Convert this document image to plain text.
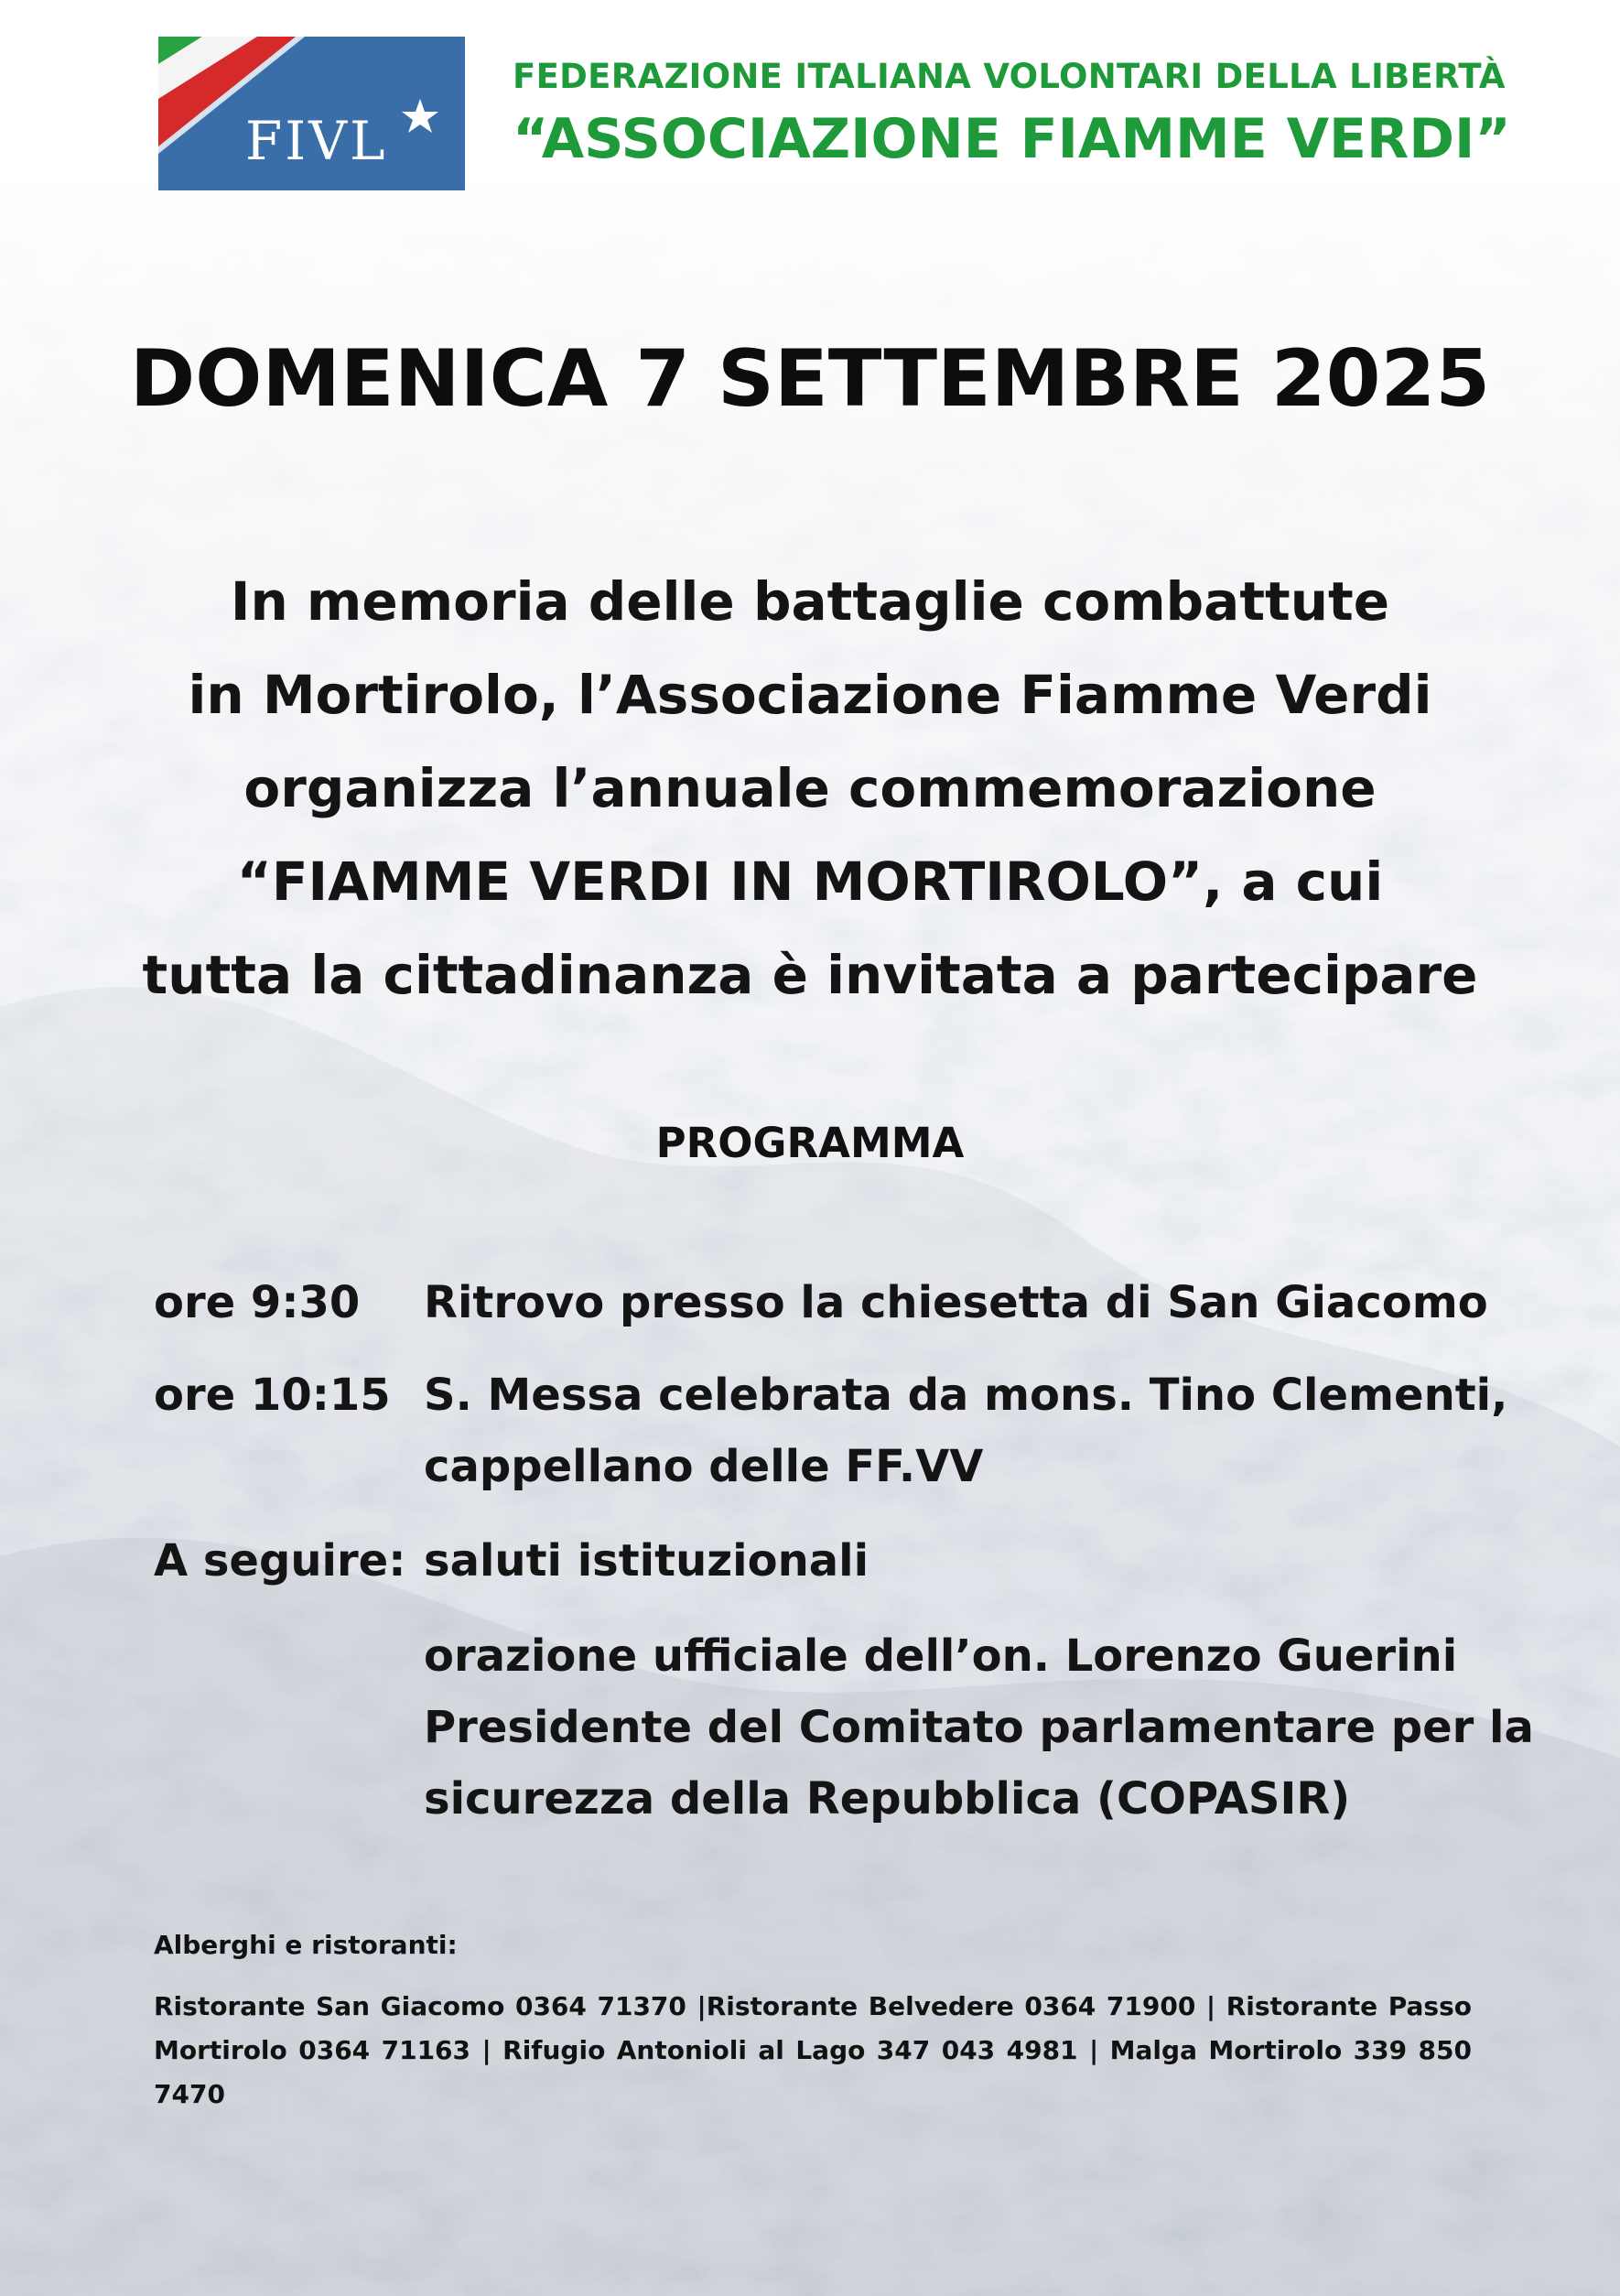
FIVL
FEDERAZIONE ITALIANA VOLONTARI DELLA LIBERTÀ
“ASSOCIAZIONE FIAMME VERDI”
DOMENICA 7 SETTEMBRE 2025
In memoria delle battaglie combattute
in Mortirolo, l’Associazione Fiamme Verdi
organizza l’annuale commemorazione
“FIAMME VERDI IN MORTIROLO”, a cui
tutta la cittadinanza è invitata a partecipare
PROGRAMMA
ore 9:30	Ritrovo presso la chiesetta di San Giacomo
ore 10:15 S. Messa celebrata da mons. Tino Clementi,
cappellano delle FF.VV
A seguire: saluti istituzionali
orazione ufficiale dell’on. Lorenzo Guerini
Presidente del Comitato parlamentare per la
sicurezza della Repubblica (COPASIR)
Alberghi e ristoranti:
Ristorante San Giacomo 0364 71370 |Ristorante Belvedere 0364 71900 | Ristorante Passo Mortirolo 0364 71163 | Rifugio Antonioli al Lago 347 043 4981 | Malga Mortirolo 339 850 7470
